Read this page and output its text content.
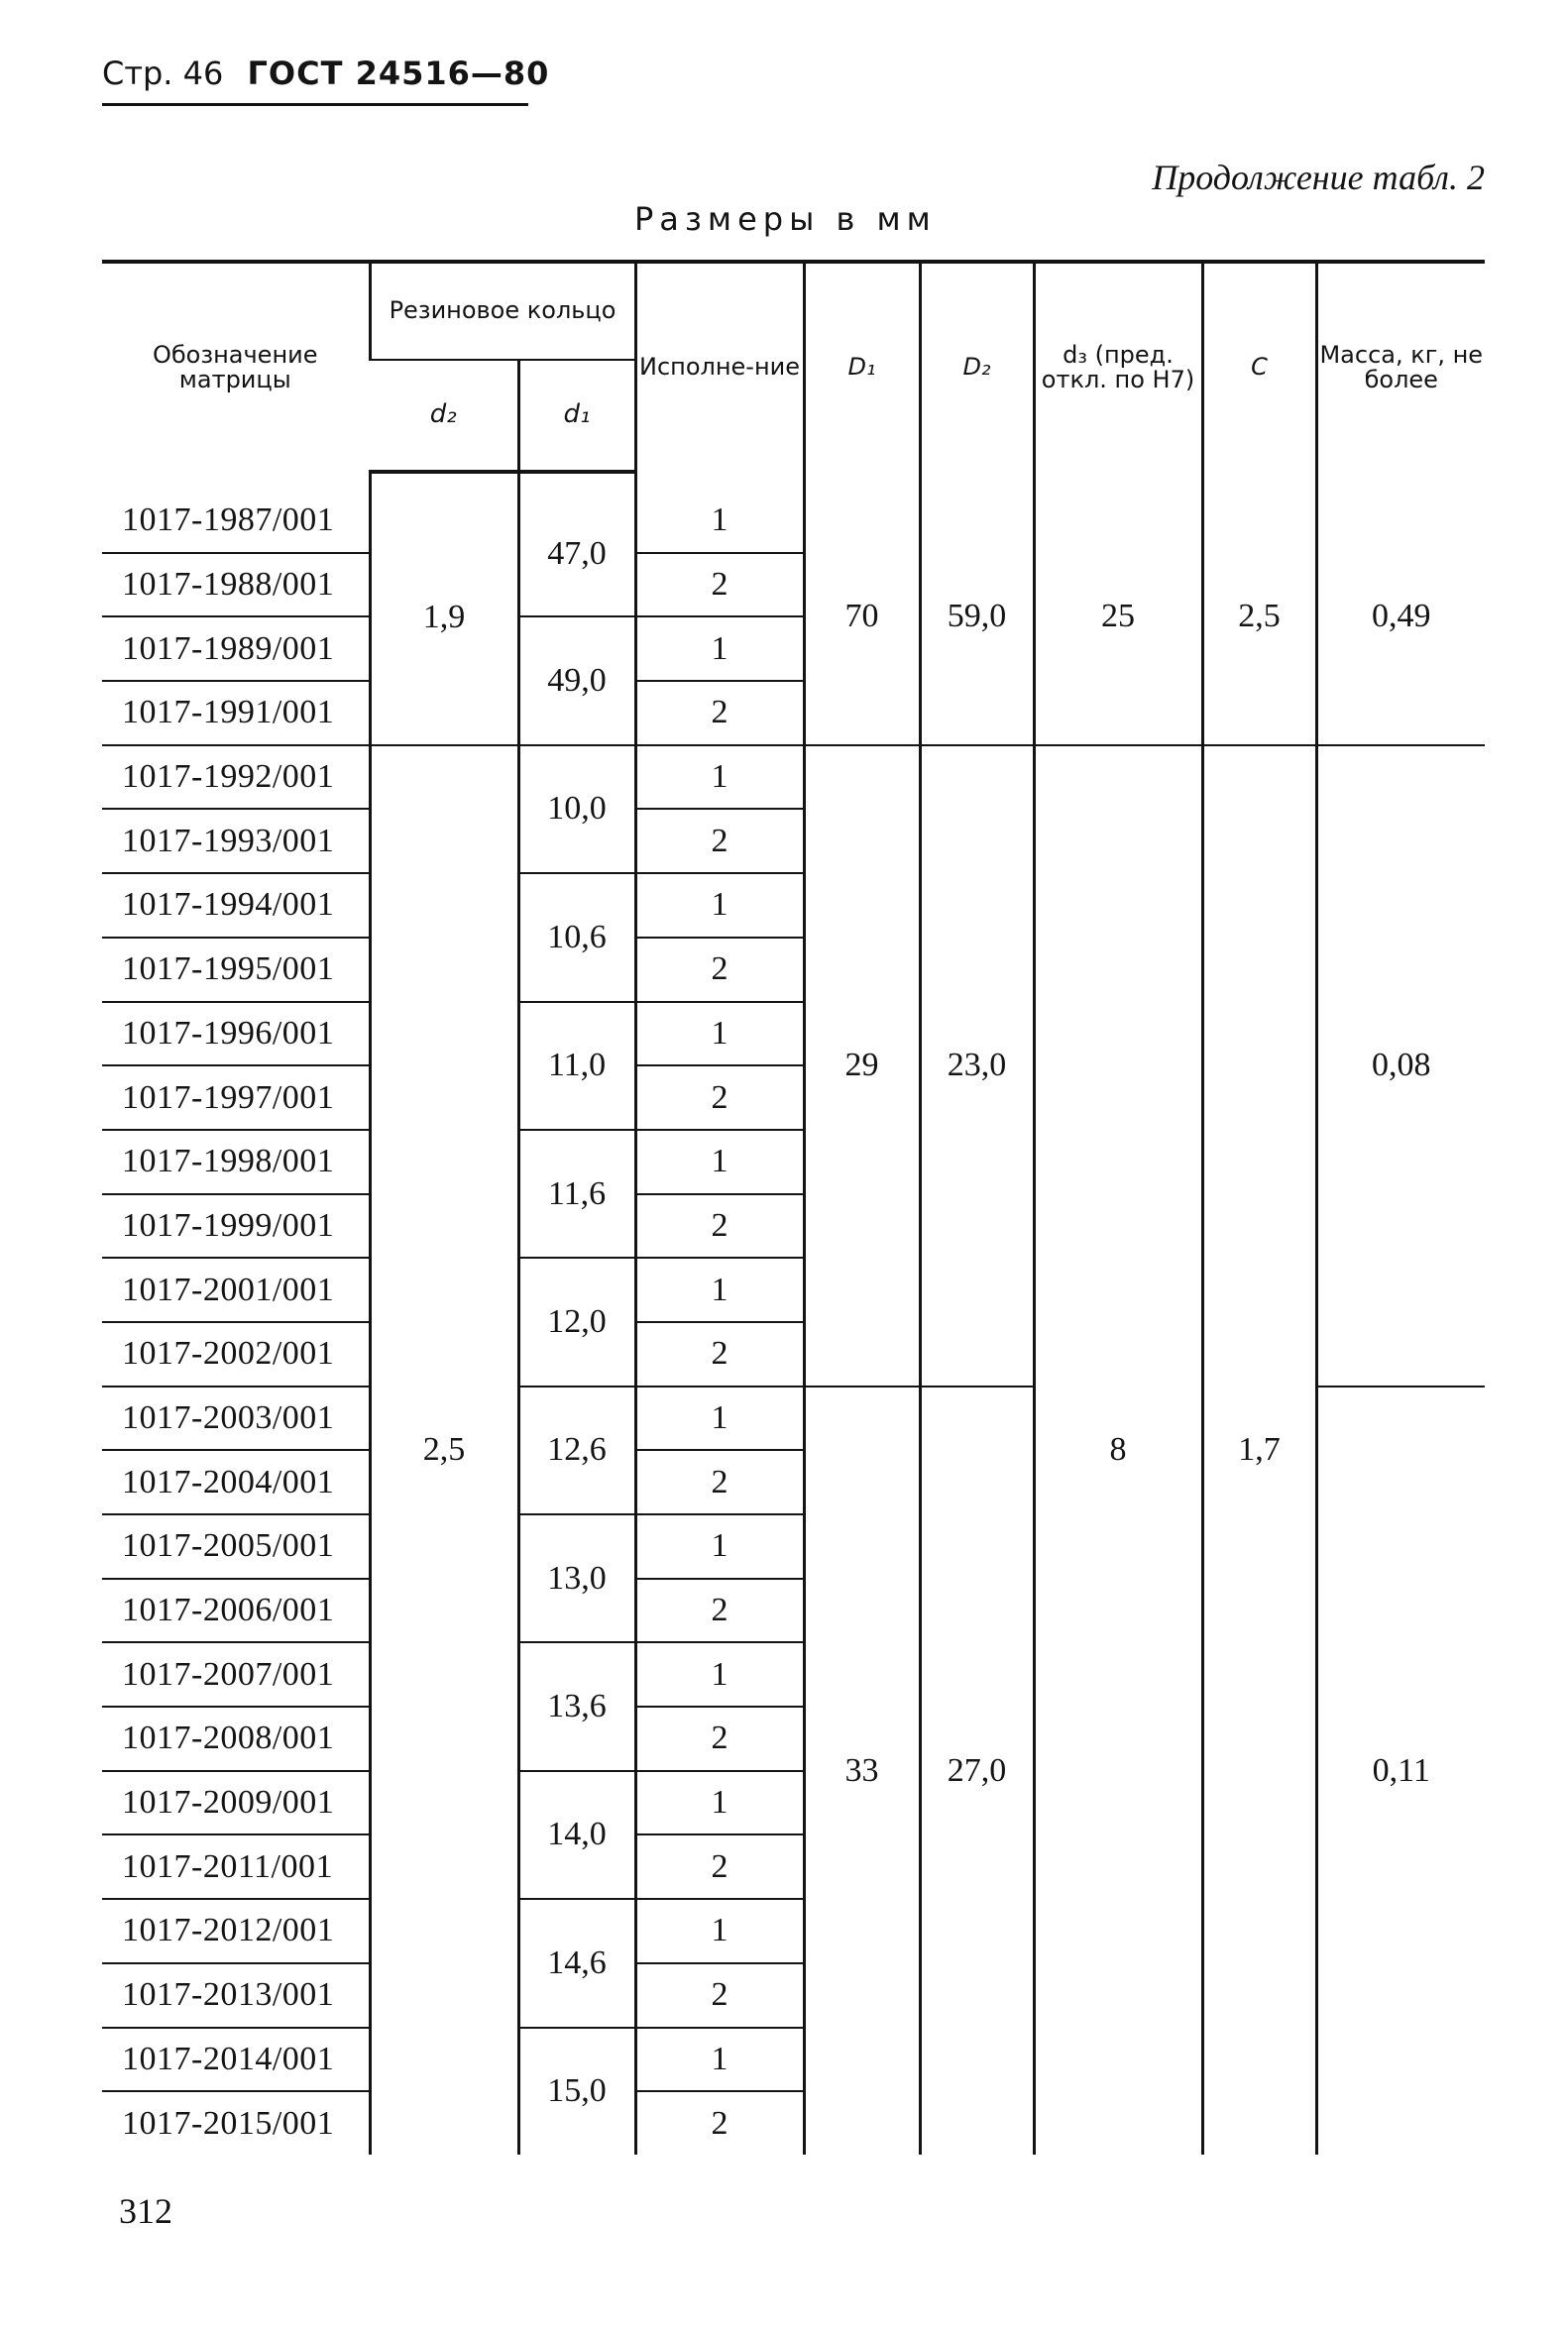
Стр. 46 ГОСТ 24516—80
Продолжение табл. 2
Размеры в мм
Обозначение матрицы	Резиновое кольцо		Исполне-ние	D₁	D₂	d₃ (пред. откл. по H7)	C	Масса, кг, не более
	d₂	d₁						
1017-1987/001	1,9	47,0	1	70	59,0	25	2,5	0,49
1017-1988/001			2					
1017-1989/001		49,0	1					
1017-1991/001			2					
1017-1992/001	2,5	10,0	1	29	23,0	8	1,7	0,08
1017-1993/001			2					
1017-1994/001		10,6	1					
1017-1995/001			2					
1017-1996/001		11,0	1					
1017-1997/001			2					
1017-1998/001		11,6	1					
1017-1999/001			2					
1017-2001/001		12,0	1					
1017-2002/001			2					
1017-2003/001		12,6	1	33	27,0			0,11
1017-2004/001			2					
1017-2005/001		13,0	1					
1017-2006/001			2					
1017-2007/001		13,6	1					
1017-2008/001			2					
1017-2009/001		14,0	1					
1017-2011/001			2					
1017-2012/001		14,6	1					
1017-2013/001			2					
1017-2014/001		15,0	1					
1017-2015/001			2					
312
